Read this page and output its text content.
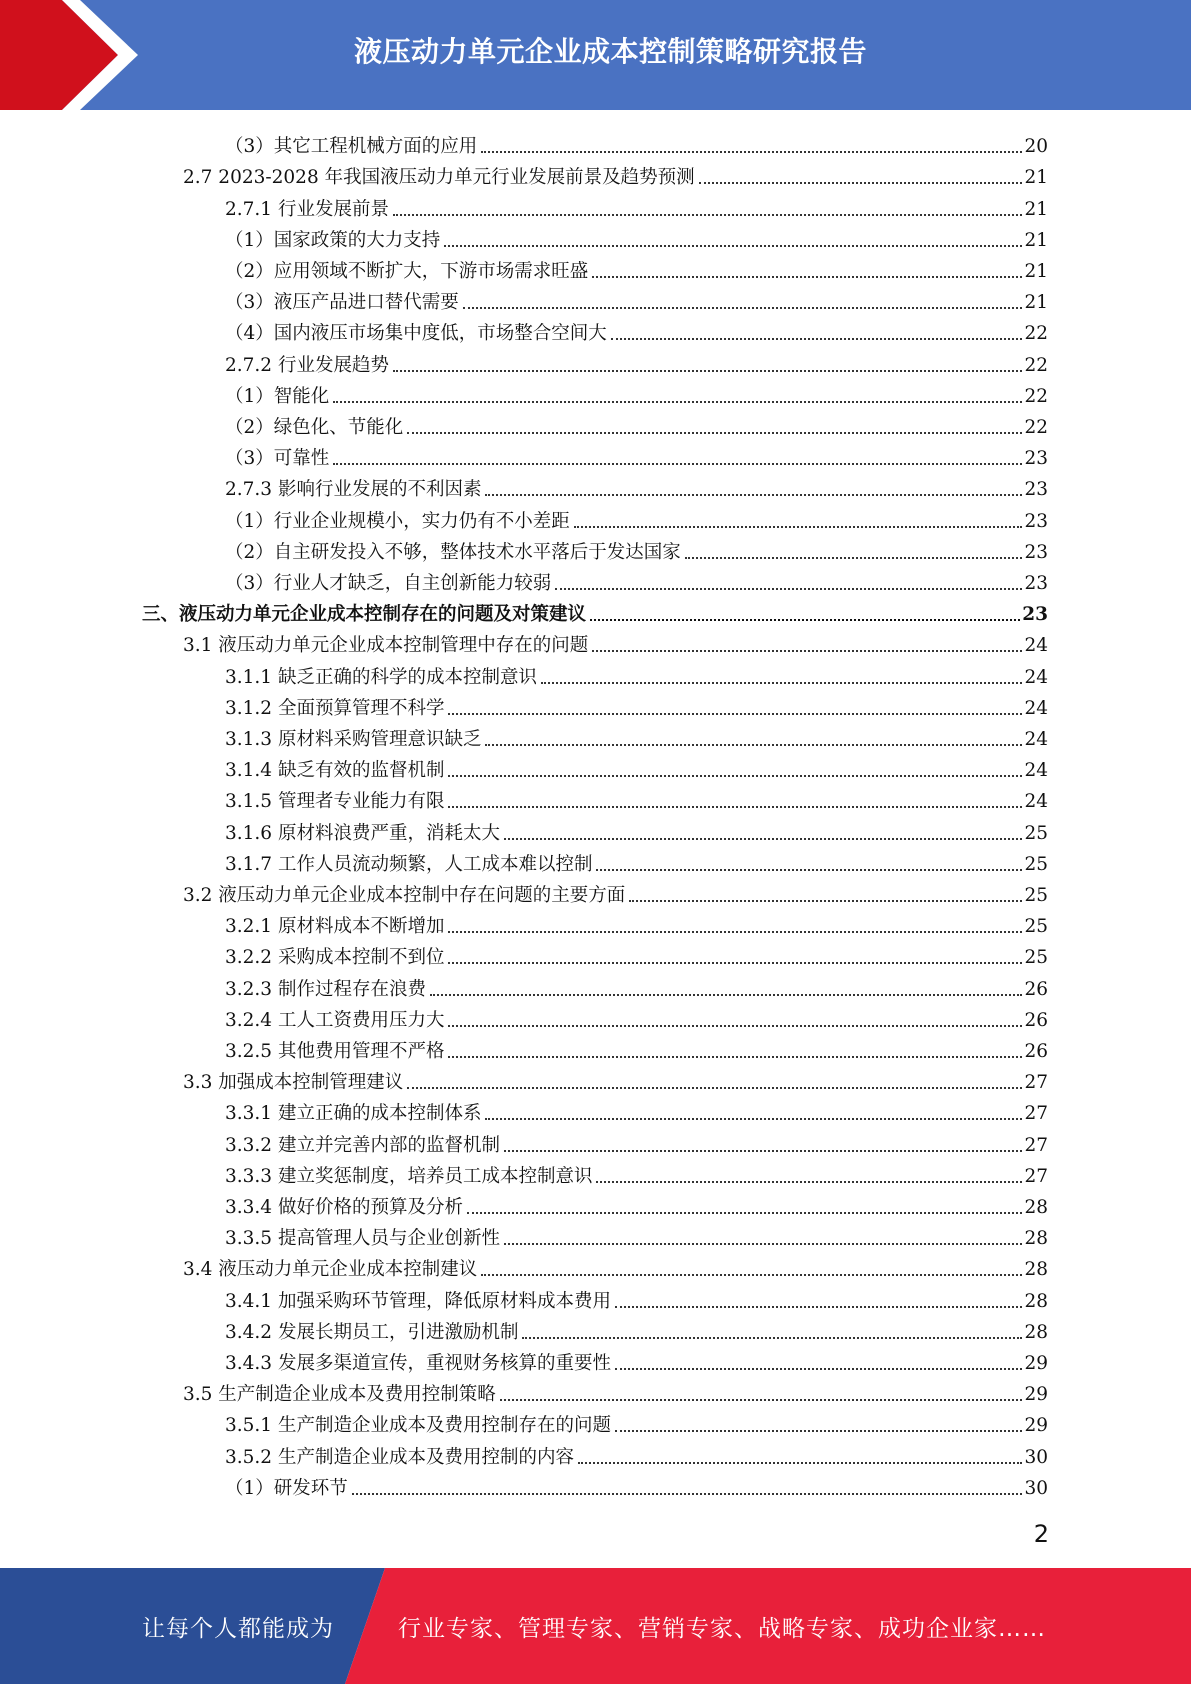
液压动力单元企业成本控制策略研究报告
（3）其它工程机械方面的应用	20
2.7 2023-2028 年我国液压动力单元行业发展前景及趋势预测	21
2.7.1 行业发展前景	21
（1）国家政策的大力支持	21
（2）应用领域不断扩大，下游市场需求旺盛	21
（3）液压产品进口替代需要	21
（4）国内液压市场集中度低，市场整合空间大	22
2.7.2 行业发展趋势	22
（1）智能化	22
（2）绿色化、节能化	22
（3）可靠性	23
2.7.3 影响行业发展的不利因素	23
（1）行业企业规模小，实力仍有不小差距	23
（2）自主研发投入不够，整体技术水平落后于发达国家	23
（3）行业人才缺乏，自主创新能力较弱	23
三、液压动力单元企业成本控制存在的问题及对策建议	23
3.1 液压动力单元企业成本控制管理中存在的问题	24
3.1.1 缺乏正确的科学的成本控制意识	24
3.1.2 全面预算管理不科学	24
3.1.3 原材料采购管理意识缺乏	24
3.1.4 缺乏有效的监督机制	24
3.1.5 管理者专业能力有限	24
3.1.6 原材料浪费严重，消耗太大	25
3.1.7 工作人员流动频繁，人工成本难以控制	25
3.2 液压动力单元企业成本控制中存在问题的主要方面	25
3.2.1 原材料成本不断增加	25
3.2.2 采购成本控制不到位	25
3.2.3 制作过程存在浪费	26
3.2.4 工人工资费用压力大	26
3.2.5 其他费用管理不严格	26
3.3 加强成本控制管理建议	27
3.3.1 建立正确的成本控制体系	27
3.3.2 建立并完善内部的监督机制	27
3.3.3 建立奖惩制度，培养员工成本控制意识	27
3.3.4 做好价格的预算及分析	28
3.3.5 提高管理人员与企业创新性	28
3.4 液压动力单元企业成本控制建议	28
3.4.1 加强采购环节管理，降低原材料成本费用	28
3.4.2 发展长期员工，引进激励机制	28
3.4.3 发展多渠道宣传，重视财务核算的重要性	29
3.5 生产制造企业成本及费用控制策略	29
3.5.1 生产制造企业成本及费用控制存在的问题	29
3.5.2 生产制造企业成本及费用控制的内容	30
（1）研发环节	30
2
让每个人都能成为	行业专家、管理专家、营销专家、战略专家、成功企业家……
